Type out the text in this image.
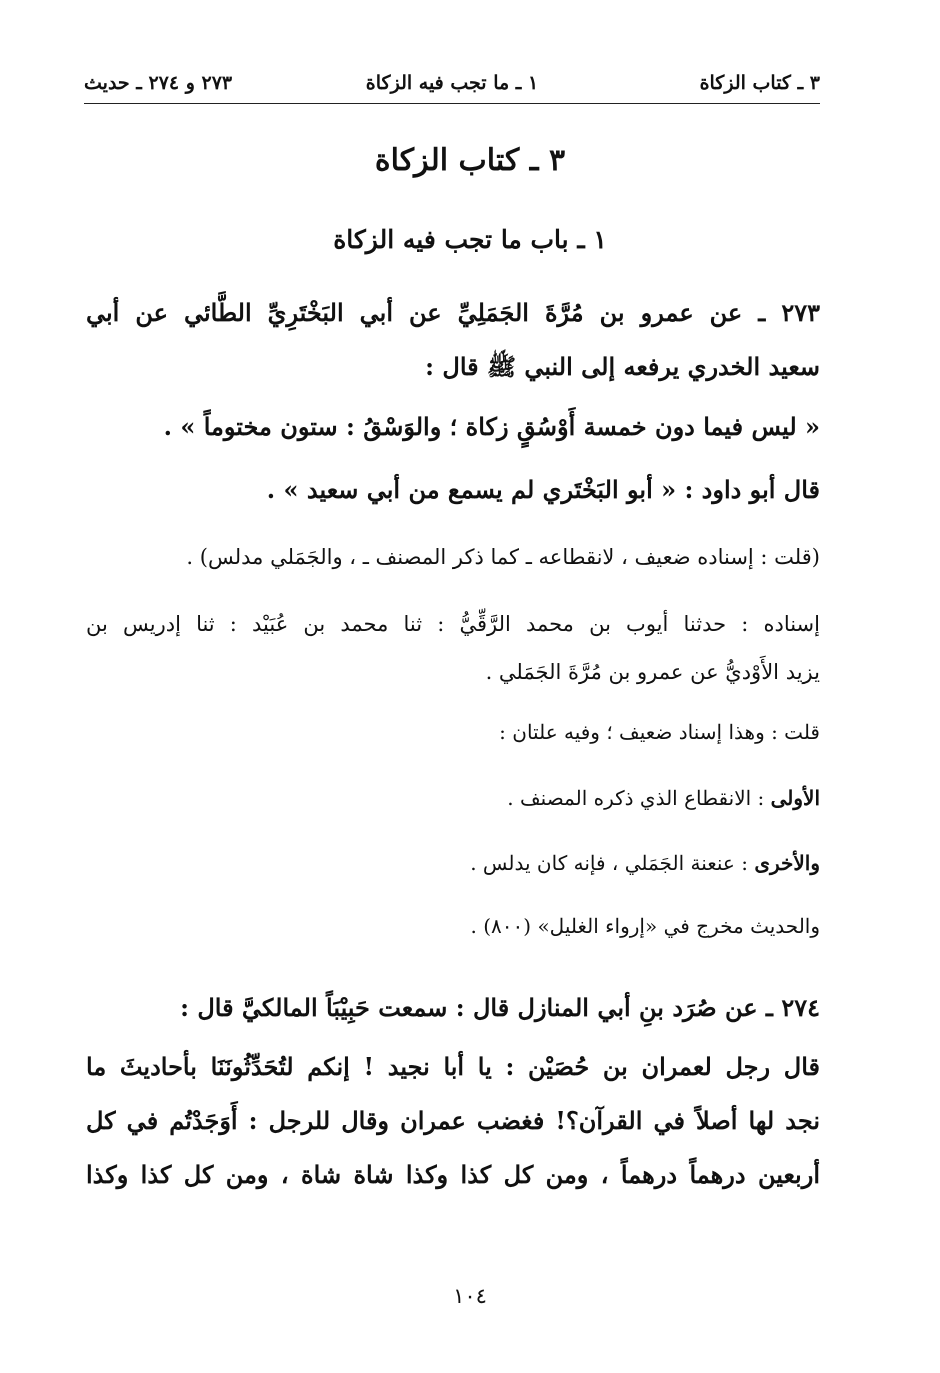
٣ ـ كتاب الزكاة
١ ـ ما تجب فيه الزكاة
٢٧٣ و ٢٧٤ ـ حديث
٣ ـ كتاب الزكاة
١ ـ باب ما تجب فيه الزكاة
٢٧٣ ـ عن عمرو بن مُرَّةَ الجَمَلِيِّ عن أبي البَخْتَرِيِّ الطَّائي عن أبي
سعيد الخدري يرفعه إلى النبي ﷺ قال :
« ليس فيما دون خمسة أَوْسُقٍ زكاة ؛ والوَسْقُ : ستون مختوماً » .
قال أبو داود : « أبو البَخْتَري لم يسمع من أبي سعيد » .
(قلت : إسناده ضعيف ، لانقطاعه ـ كما ذكر المصنف ـ ، والجَمَلي مدلس) .
إسناده : حدثنا أيوب بن محمد الرَّقِّيُّ : ثنا محمد بن عُبَيْد : ثنا إدريس بن
يزيد الأَوْديُّ عن عمرو بن مُرَّةَ الجَمَلي .
قلت : وهذا إسناد ضعيف ؛ وفيه علتان :
الأولى : الانقطاع الذي ذكره المصنف .
والأخرى : عنعنة الجَمَلي ، فإنه كان يدلس .
والحديث مخرج في «إرواء الغليل» (٨٠٠) .
٢٧٤ ـ عن صُرَد بنِ أبي المنازل قال : سمعت حَبِيْبَاً المالكيَّ قال :
قال رجل لعمران بن حُصَيْن : يا أبا نجيد ! إنكم لتُحَدِّثُونَنَا بأحاديثَ ما
نجد لها أصلاً في القرآن؟! فغضب عمران وقال للرجل : أَوَجَدْتُم في كل
أربعين درهماً درهماً ، ومن كل كذا وكذا شاة شاة ، ومن كل كذا وكذا
١٠٤
